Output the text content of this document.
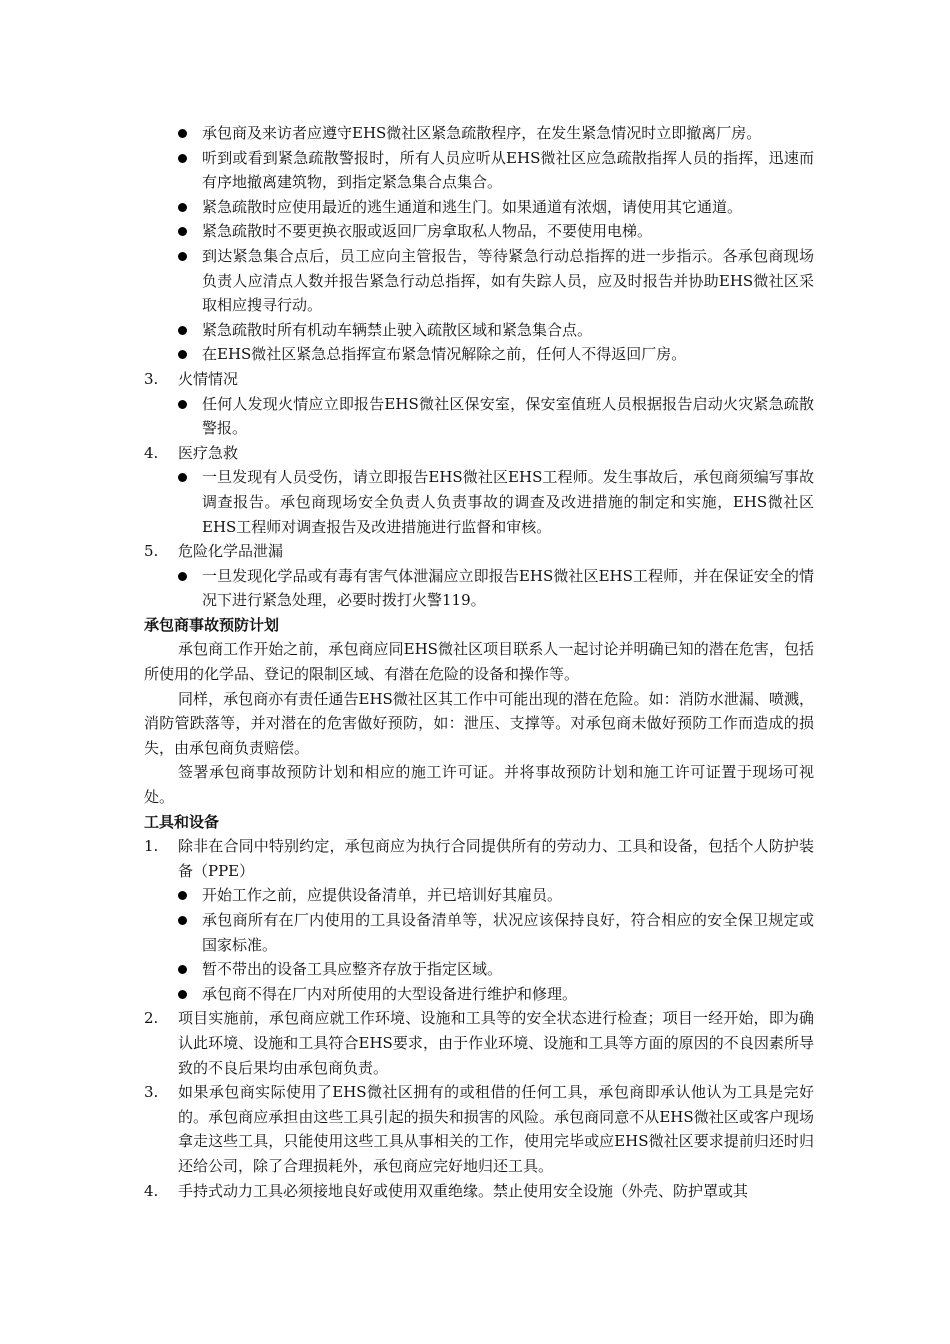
承包商及来访者应遵守EHS微社区紧急疏散程序，在发生紧急情况时立即撤离厂房。
听到或看到紧急疏散警报时，所有人员应听从EHS微社区应急疏散指挥人员的指挥，迅速而有序地撤离建筑物，到指定紧急集合点集合。
紧急疏散时应使用最近的逃生通道和逃生门。如果通道有浓烟，请使用其它通道。
紧急疏散时不要更换衣服或返回厂房拿取私人物品，不要使用电梯。
到达紧急集合点后，员工应向主管报告，等待紧急行动总指挥的进一步指示。各承包商现场负责人应清点人数并报告紧急行动总指挥，如有失踪人员，应及时报告并协助EHS微社区采取相应搜寻行动。
紧急疏散时所有机动车辆禁止驶入疏散区域和紧急集合点。
在EHS微社区紧急总指挥宣布紧急情况解除之前，任何人不得返回厂房。
3. 火情情况
任何人发现火情应立即报告EHS微社区保安室，保安室值班人员根据报告启动火灾紧急疏散警报。
4. 医疗急救
一旦发现有人员受伤，请立即报告EHS微社区EHS工程师。发生事故后，承包商须编写事故调查报告。承包商现场安全负责人负责事故的调查及改进措施的制定和实施，EHS微社区EHS工程师对调查报告及改进措施进行监督和审核。
5. 危险化学品泄漏
一旦发现化学品或有毒有害气体泄漏应立即报告EHS微社区EHS工程师，并在保证安全的情况下进行紧急处理，必要时拨打火警119。
承包商事故预防计划
承包商工作开始之前，承包商应同EHS微社区项目联系人一起讨论并明确已知的潜在危害，包括所使用的化学品、登记的限制区域、有潜在危险的设备和操作等。
同样，承包商亦有责任通告EHS微社区其工作中可能出现的潜在危险。如：消防水泄漏、喷溅，消防管跌落等，并对潜在的危害做好预防，如：泄压、支撑等。对承包商未做好预防工作而造成的损失，由承包商负责赔偿。
签署承包商事故预防计划和相应的施工许可证。并将事故预防计划和施工许可证置于现场可视处。
工具和设备
1. 除非在合同中特别约定，承包商应为执行合同提供所有的劳动力、工具和设备，包括个人防护装备（PPE）
开始工作之前，应提供设备清单，并已培训好其雇员。
承包商所有在厂内使用的工具设备清单等，状况应该保持良好，符合相应的安全保卫规定或国家标准。
暂不带出的设备工具应整齐存放于指定区域。
承包商不得在厂内对所使用的大型设备进行维护和修理。
2. 项目实施前，承包商应就工作环境、设施和工具等的安全状态进行检查；项目一经开始，即为确认此环境、设施和工具符合EHS要求，由于作业环境、设施和工具等方面的原因的不良因素所导致的不良后果均由承包商负责。
3. 如果承包商实际使用了EHS微社区拥有的或租借的任何工具，承包商即承认他认为工具是完好的。承包商应承担由这些工具引起的损失和损害的风险。承包商同意不从EHS微社区或客户现场拿走这些工具，只能使用这些工具从事相关的工作，使用完毕或应EHS微社区要求提前归还时归还给公司，除了合理损耗外，承包商应完好地归还工具。
4. 手持式动力工具必须接地良好或使用双重绝缘。禁止使用安全设施（外壳、防护罩或其
